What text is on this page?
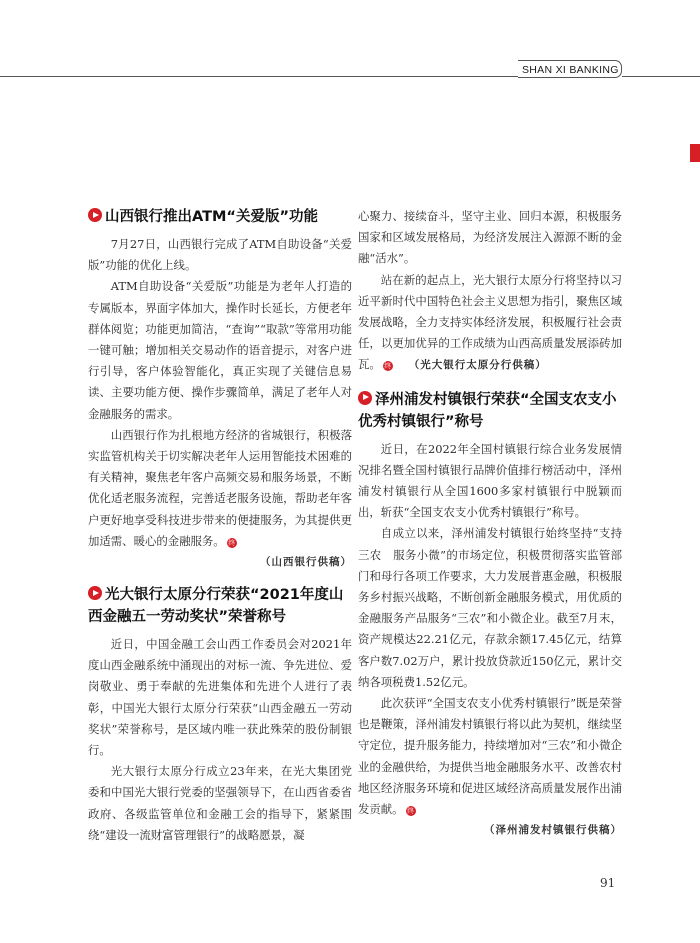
SHAN XI BANKING
山西银行推出ATM“关爱版”功能

7月27日，山西银行完成了ATM自助设备“关爱版”功能的优化上线。

ATM自助设备“关爱版”功能是为老年人打造的专属版本，界面字体加大，操作时长延长，方便老年群体阅览；功能更加简洁，“查询”“取款”等常用功能一键可触；增加相关交易动作的语音提示，对客户进行引导，客户体验智能化，真正实现了关键信息易读、主要功能方便、操作步骤简单，满足了老年人对金融服务的需求。

山西银行作为扎根地方经济的省城银行，积极落实监管机构关于切实解决老年人运用智能技术困难的有关精神，聚焦老年客户高频交易和服务场景，不断优化适老服务流程，完善适老服务设施，帮助老年客户更好地享受科技进步带来的便捷服务，为其提供更加适需、暖心的金融服务。 终

（山西银行供稿）
光大银行太原分行荣获“2021年度山西金融五一劳动奖状”荣誉称号

近日，中国金融工会山西工作委员会对2021年度山西金融系统中涌现出的对标一流、争先进位、爱岗敬业、勇于奉献的先进集体和先进个人进行了表彰，中国光大银行太原分行荣获“山西金融五一劳动奖状”荣誉称号，是区域内唯一获此殊荣的股份制银行。

光大银行太原分行成立23年来，在光大集团党委和中国光大银行党委的坚强领导下，在山西省委省政府、各级监管单位和金融工会的指导下，紧紧围绕“建设一流财富管理银行”的战略愿景，凝

心聚力、接续奋斗，坚守主业、回归本源，积极服务国家和区域发展格局，为经济发展注入源源不断的金融“活水”。

站在新的起点上，光大银行太原分行将坚持以习近平新时代中国特色社会主义思想为指引，聚焦区域发展战略，全力支持实体经济发展，积极履行社会责任，以更加优异的工作成绩为山西高质量发展添砖加瓦。 终 （光大银行太原分行供稿）

泽州浦发村镇银行荣获“全国支农支小优秀村镇银行”称号

近日，在2022年全国村镇银行综合业务发展情况排名暨全国村镇银行品牌价值排行榜活动中，泽州浦发村镇银行从全国1600多家村镇银行中脱颖而出，斩获“全国支农支小优秀村镇银行”称号。

自成立以来，泽州浦发村镇银行始终坚持“支持三农　服务小微”的市场定位，积极贯彻落实监管部门和母行各项工作要求，大力发展普惠金融，积极服务乡村振兴战略，不断创新金融服务模式，用优质的金融服务产品服务“三农”和小微企业。截至7月末，资产规模达22.21亿元，存款余额17.45亿元，结算客户数7.02万户，累计投放贷款近150亿元，累计交纳各项税费1.52亿元。

此次获评“全国支农支小优秀村镇银行”既是荣誉也是鞭策，泽州浦发村镇银行将以此为契机，继续坚守定位，提升服务能力，持续增加对“三农”和小微企业的金融供给，为提供当地金融服务水平、改善农村地区经济服务环境和促进区域经济高质量发展作出浦发贡献。 终

（泽州浦发村镇银行供稿）
91
